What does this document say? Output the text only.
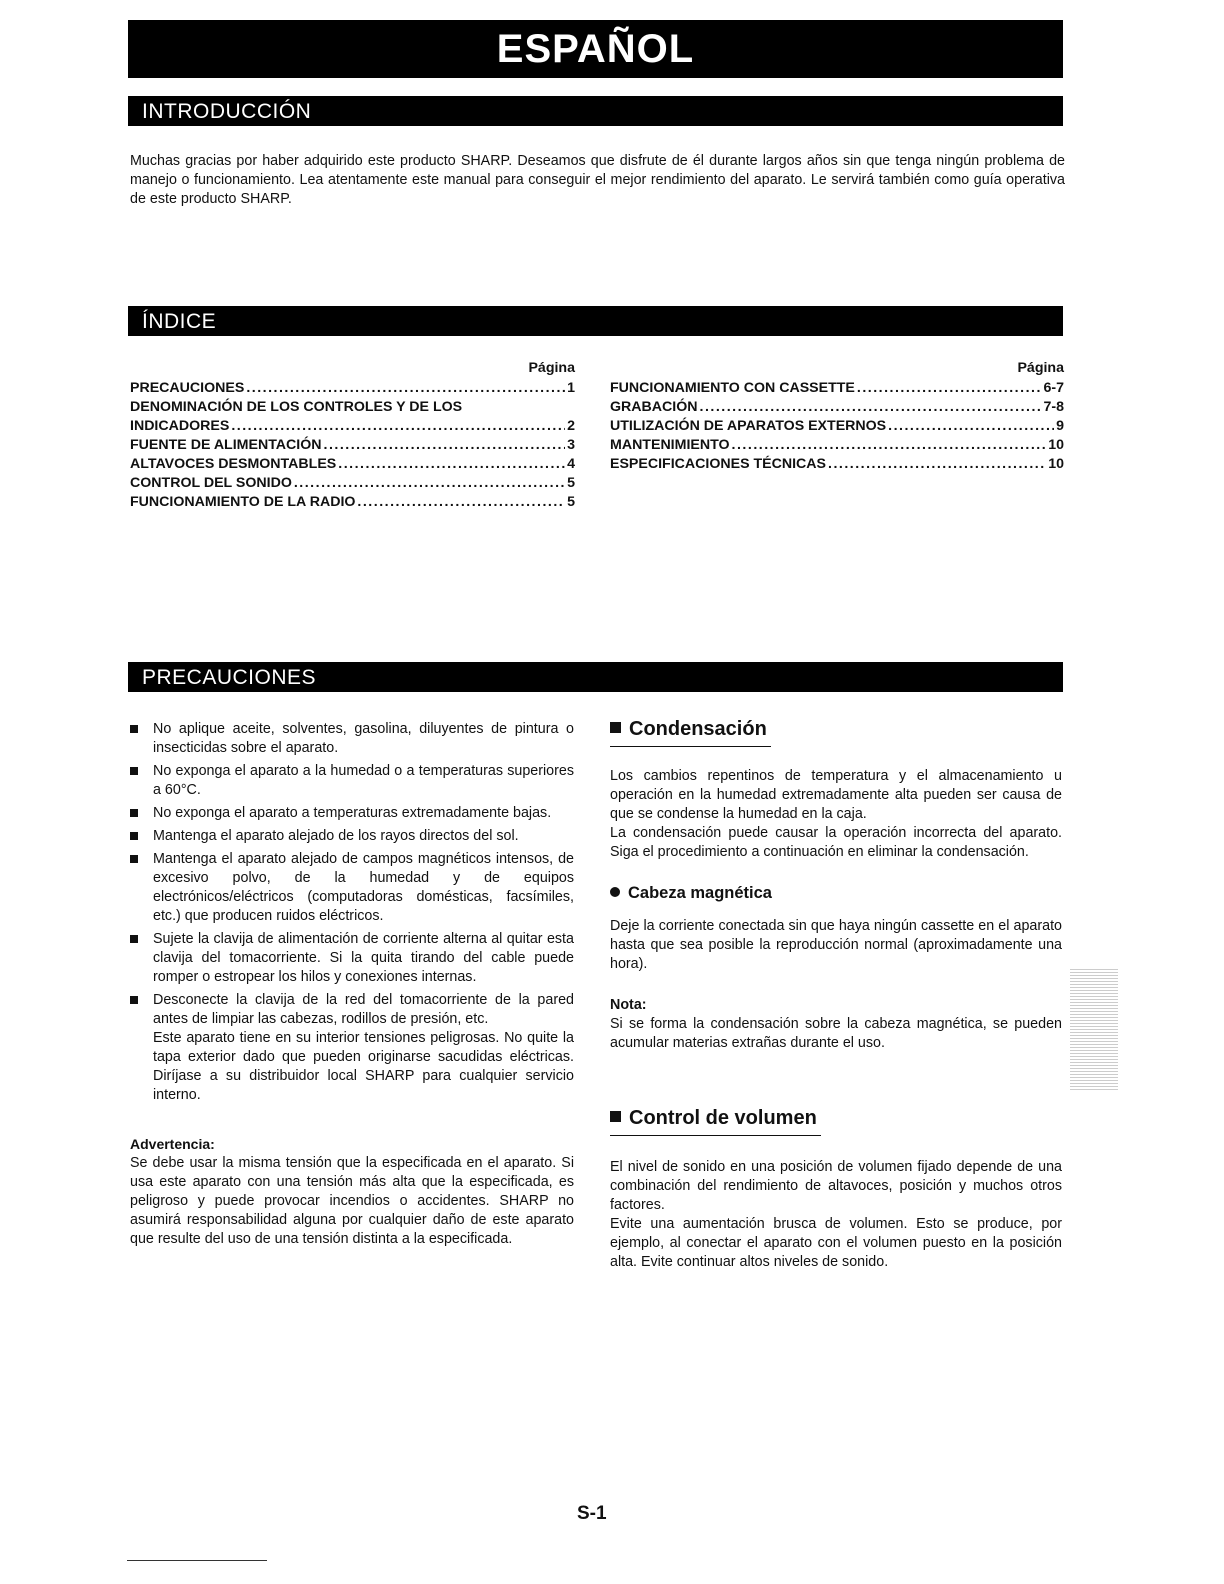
ESPAÑOL
INTRODUCCIÓN

Muchas gracias por haber adquirido este producto SHARP. Deseamos que disfrute de él durante largos años sin que tenga ningún problema de manejo o funcionamiento. Lea atentamente este manual para conseguir el mejor rendimiento del aparato. Le servirá también como guía operativa de este producto SHARP.

ÍNDICE
Página
PRECAUCIONES .....	1
DENOMINACIÓN DE LOS CONTROLES Y DE LOS
INDICADORES .....	2
FUENTE DE ALIMENTACIÓN .....	3
ALTAVOCES DESMONTABLES .....	4
CONTROL DEL SONIDO .....	5
FUNCIONAMIENTO DE LA RADIO .....	5
Página
FUNCIONAMIENTO CON CASSETTE .....	6-7
GRABACIÓN .....	7-8
UTILIZACIÓN DE APARATOS EXTERNOS .....	9
MANTENIMIENTO .....	10
ESPECIFICACIONES TÉCNICAS .....	10
PRECAUCIONES
No aplique aceite, solventes, gasolina, diluyentes de pintura o insecticidas sobre el aparato.
No exponga el aparato a la humedad o a temperaturas superiores a 60°C.
No exponga el aparato a temperaturas extremadamente bajas.
Mantenga el aparato alejado de los rayos directos del sol.
Mantenga el aparato alejado de campos magnéticos intensos, de excesivo polvo, de la humedad y de equipos electrónicos/eléctricos (computadoras domésticas, facsímiles, etc.) que producen ruidos eléctricos.
Sujete la clavija de alimentación de corriente alterna al quitar esta clavija del tomacorriente. Si la quita tirando del cable puede romper o estropear los hilos y conexiones internas.

Desconecte la clavija de la red del tomacorriente de la pared antes de limpiar las cabezas, rodillos de presión, etc.

Este aparato tiene en su interior tensiones peligrosas. No quite la tapa exterior dado que pueden originarse sacudidas eléctricas. Diríjase a su distribuidor local SHARP para cualquier servicio interno.

Advertencia:

Se debe usar la misma tensión que la especificada en el aparato. Si usa este aparato con una tensión más alta que la especificada, es peligroso y puede provocar incendios o accidentes. SHARP no asumirá responsabilidad alguna por cualquier daño de este aparato que resulte del uso de una tensión distinta a la especificada.

Condensación

Los cambios repentinos de temperatura y el almacenamiento u operación en la humedad extremadamente alta pueden ser causa de que se condense la humedad en la caja.

La condensación puede causar la operación incorrecta del aparato. Siga el procedimiento a continuación en eliminar la condensación.

Cabeza magnética

Deje la corriente conectada sin que haya ningún cassette en el aparato hasta que sea posible la reproducción normal (aproximadamente una hora).

Nota:

Si se forma la condensación sobre la cabeza magnética, se pueden acumular materias extrañas durante el uso.

Control de volumen

El nivel de sonido en una posición de volumen fijado depende de una combinación del rendimiento de altavoces, posición y muchos otros factores.

Evite una aumentación brusca de volumen. Esto se produce, por ejemplo, al conectar el aparato con el volumen puesto en la posición alta. Evite continuar altos niveles de sonido.

S-1
